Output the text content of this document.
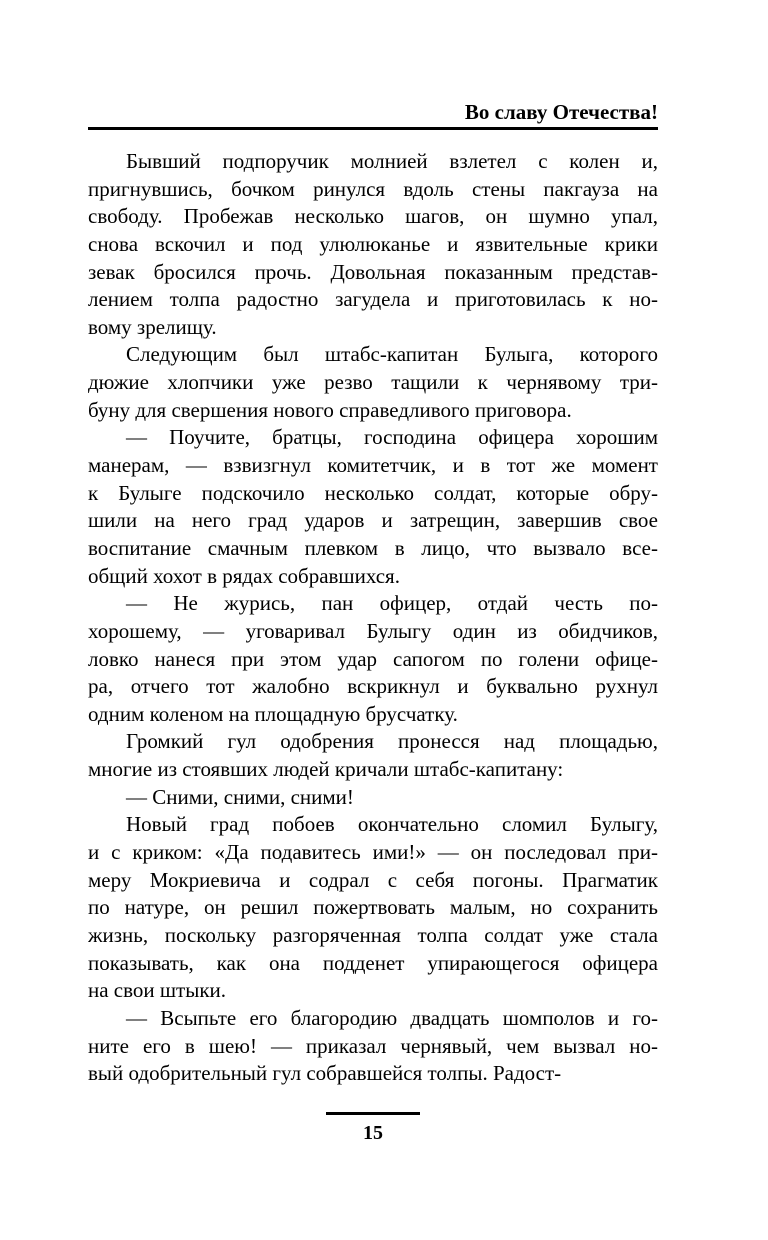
Во славу Отечества!

Бывший подпоручик молнией взлетел с колен и,
пригнувшись, бочком ринулся вдоль стены пакгауза на
свободу. Пробежав несколько шагов, он шумно упал,
снова вскочил и под улюлюканье и язвительные крики
зевак бросился прочь. Довольная показанным представ-
лением толпа радостно загудела и приготовилась к но-
вому зрелищу.

Следующим был штабс-капитан Булыга, которого
дюжие хлопчики уже резво тащили к чернявому три-
буну для свершения нового справедливого приговора.

— Поучите, братцы, господина офицера хорошим
манерам, — взвизгнул комитетчик, и в тот же момент
к Булыге подскочило несколько солдат, которые обру-
шили на него град ударов и затрещин, завершив свое
воспитание смачным плевком в лицо, что вызвало все-
общий хохот в рядах собравшихся.

— Не журись, пан офицер, отдай честь по-
хорошему, — уговаривал Булыгу один из обидчиков,
ловко нанеся при этом удар сапогом по голени офице-
ра, отчего тот жалобно вскрикнул и буквально рухнул
одним коленом на площадную брусчатку.

Громкий гул одобрения пронесся над площадью,
многие из стоявших людей кричали штабс-капитану:

— Сними, сними, сними!

Новый град побоев окончательно сломил Булыгу,
и с криком: «Да подавитесь ими!» — он последовал при-
меру Мокриевича и содрал с себя погоны. Прагматик
по натуре, он решил пожертвовать малым, но сохранить
жизнь, поскольку разгоряченная толпа солдат уже стала
показывать, как она подденет упирающегося офицера
на свои штыки.

— Всыпьте его благородию двадцать шомполов и го-
ните его в шею! — приказал чернявый, чем вызвал но-
вый одобрительный гул собравшейся толпы. Радост-

15
